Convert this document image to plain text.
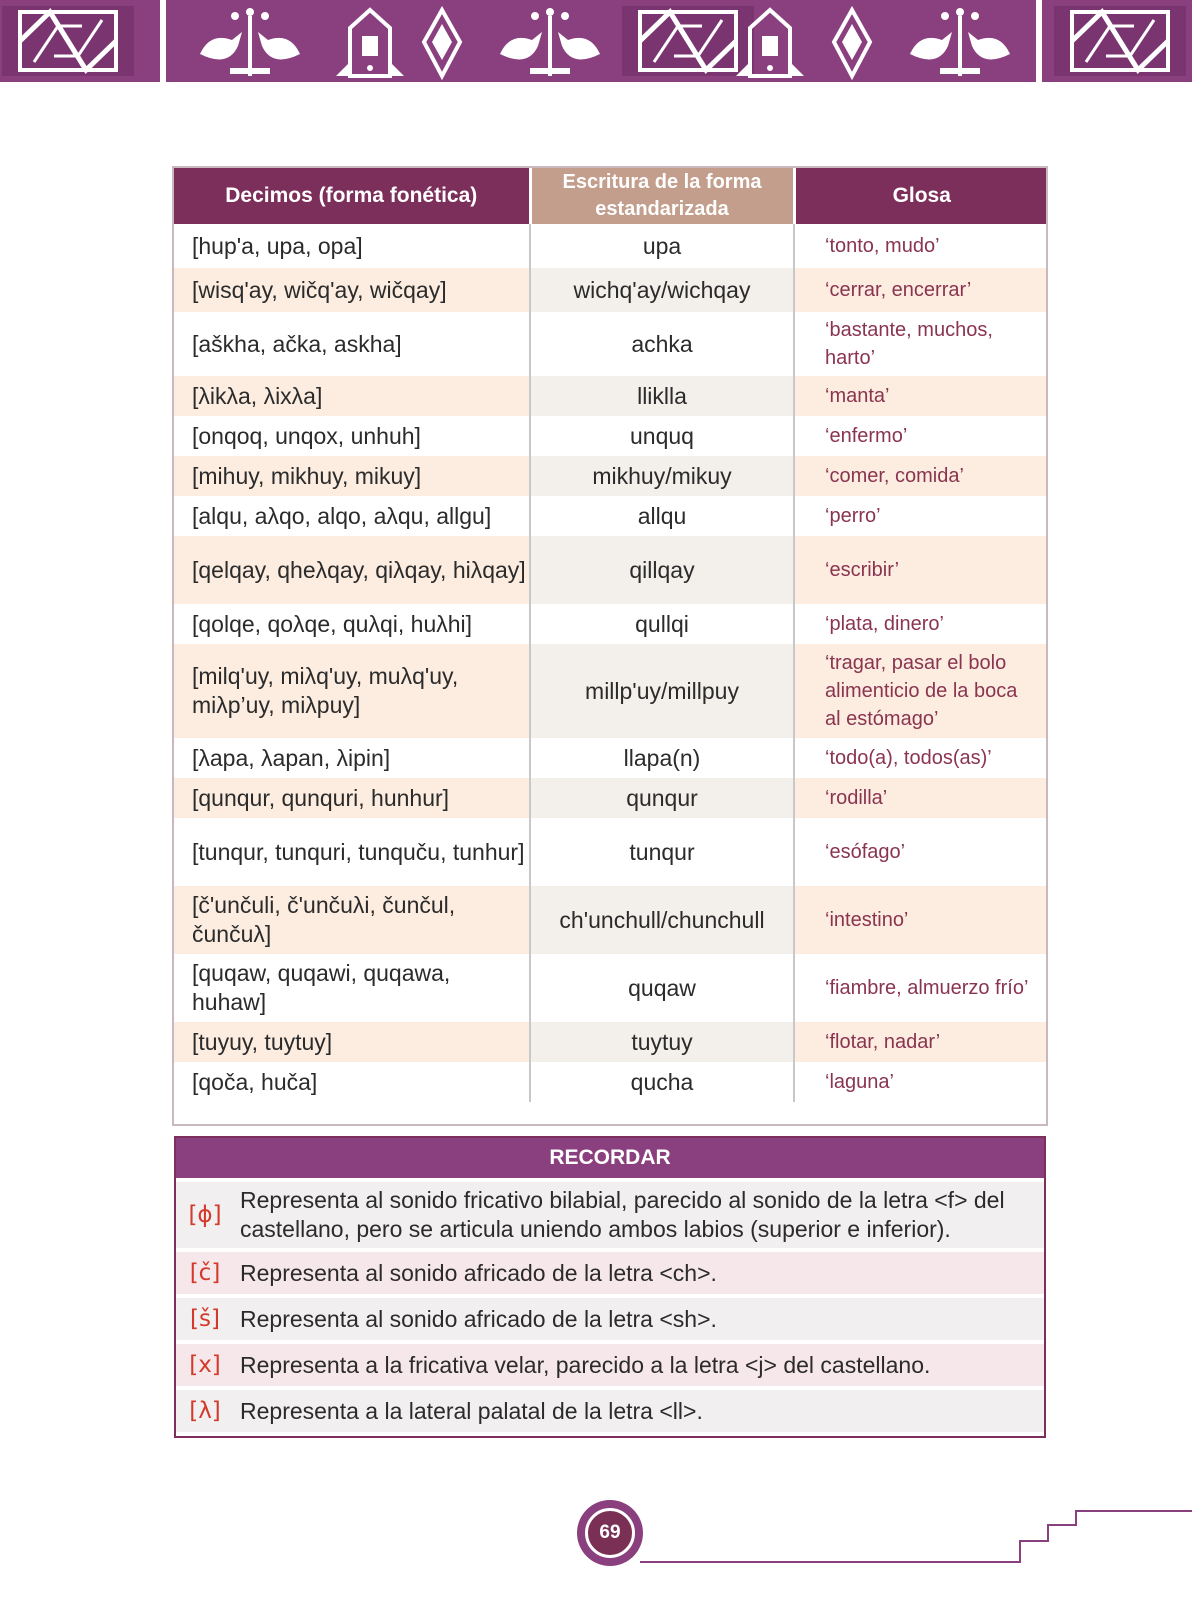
Decimos (forma fonética)	Escritura de la forma estandarizada	Glosa
[hup'a, upa, opa]	upa	‘tonto, mudo’
[wisq'ay, wičq'ay, wičqay]	wichq'ay/wichqay	‘cerrar, encerrar’
[aškha, ačka, askha]	achka	‘bastante, muchos, harto’
[λikλa, λixλa]	lliklla	‘manta’
[onqoq, unqox, unhuh]	unquq	‘enfermo’
[mihuy, mikhuy, mikuy]	mikhuy/mikuy	‘comer, comida’
[alqu, aλqo, alqo, aλqu, allgu]	allqu	‘perro’
[qelqay, qheλqay, qiλqay, hiλqay]	qillqay	‘escribir’
[qolqe, qoλqe, quλqi, huλhi]	qullqi	‘plata, dinero’
[milq'uy, miλq'uy, muλq'uy, miλp’uy, miλpuy]	millp'uy/millpuy	‘tragar, pasar el bolo alimenticio de la boca al estómago’
[λapa, λapan, λipin]	llapa(n)	‘todo(a), todos(as)’
[qunqur, qunquri, hunhur]	qunqur	‘rodilla’
[tunqur, tunquri, tunquču, tunhur]	tunqur	‘esófago’
[č'unčuli, č'unčuλi, čunčul, čunčuλ]	ch'unchull/chunchull	‘intestino’
[quqaw, quqawi, quqawa, huhaw]	quqaw	‘fiambre, almuerzo frío’
[tuyuy, tuytuy]	tuytuy	‘flotar, nadar’
[qoča, huča]	qucha	‘laguna’
RECORDAR
[ɸ]
Representa al sonido fricativo bilabial, parecido al sonido de la letra <f> del castellano, pero se articula uniendo ambos labios (superior e inferior).
[č] Representa al sonido africado de la letra <ch>.
[š] Representa al sonido africado de la letra <sh>.
[x] Representa a la fricativa velar, parecido a la letra <j> del castellano.
[λ] Representa a la lateral palatal de la letra <ll>.
69
